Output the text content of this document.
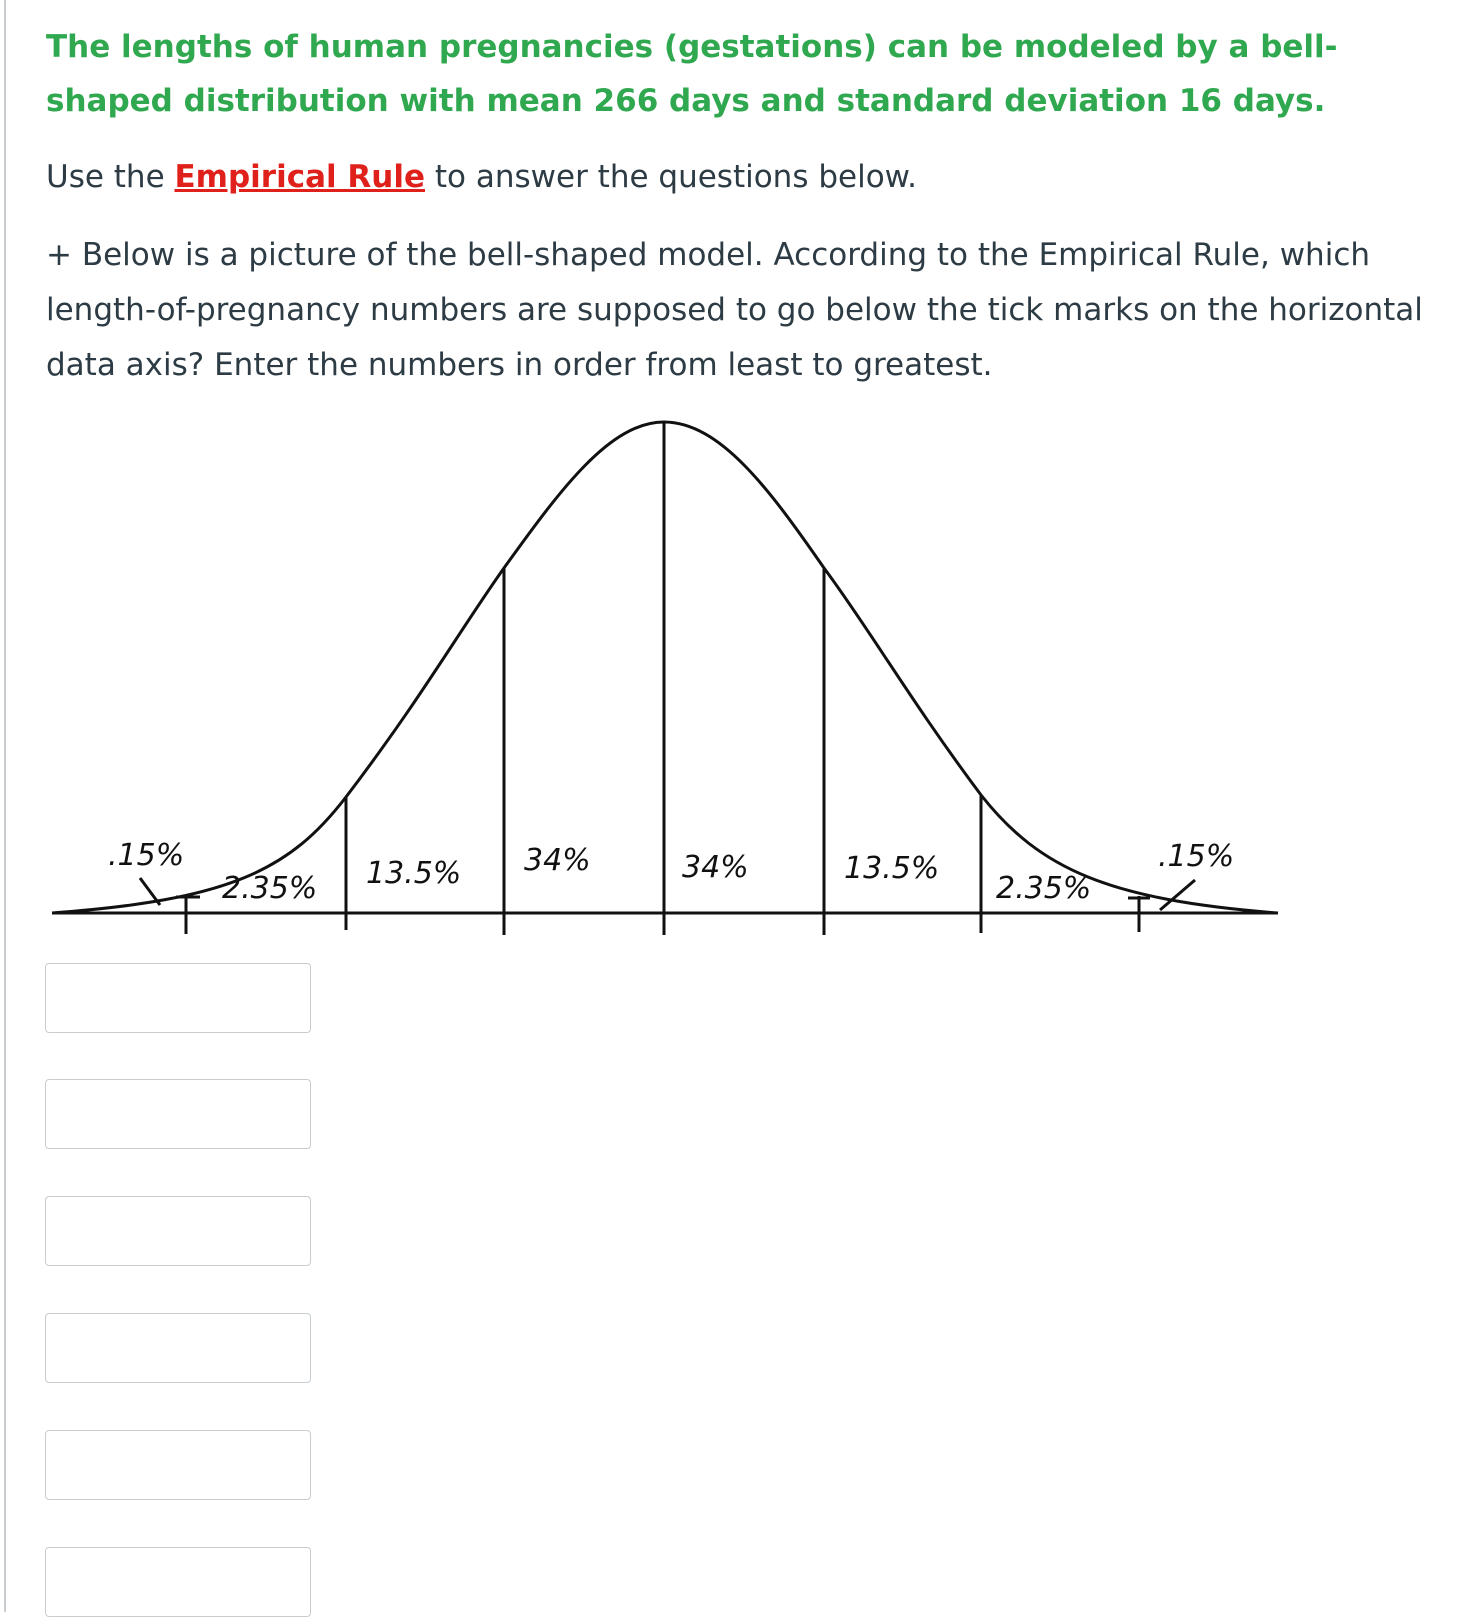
The lengths of human pregnancies (gestations) can be modeled by a bell-shaped distribution with mean 266 days and standard deviation 16 days.

Use the Empirical Rule to answer the questions below.

+ Below is a picture of the bell-shaped model. According to the Empirical Rule, which length-of-pregnancy numbers are supposed to go below the tick marks on the horizontal data axis? Enter the numbers in order from least to greatest.

.15%
2.35% 13.5% 34%	34%	13.5%
2.35%
.15%
